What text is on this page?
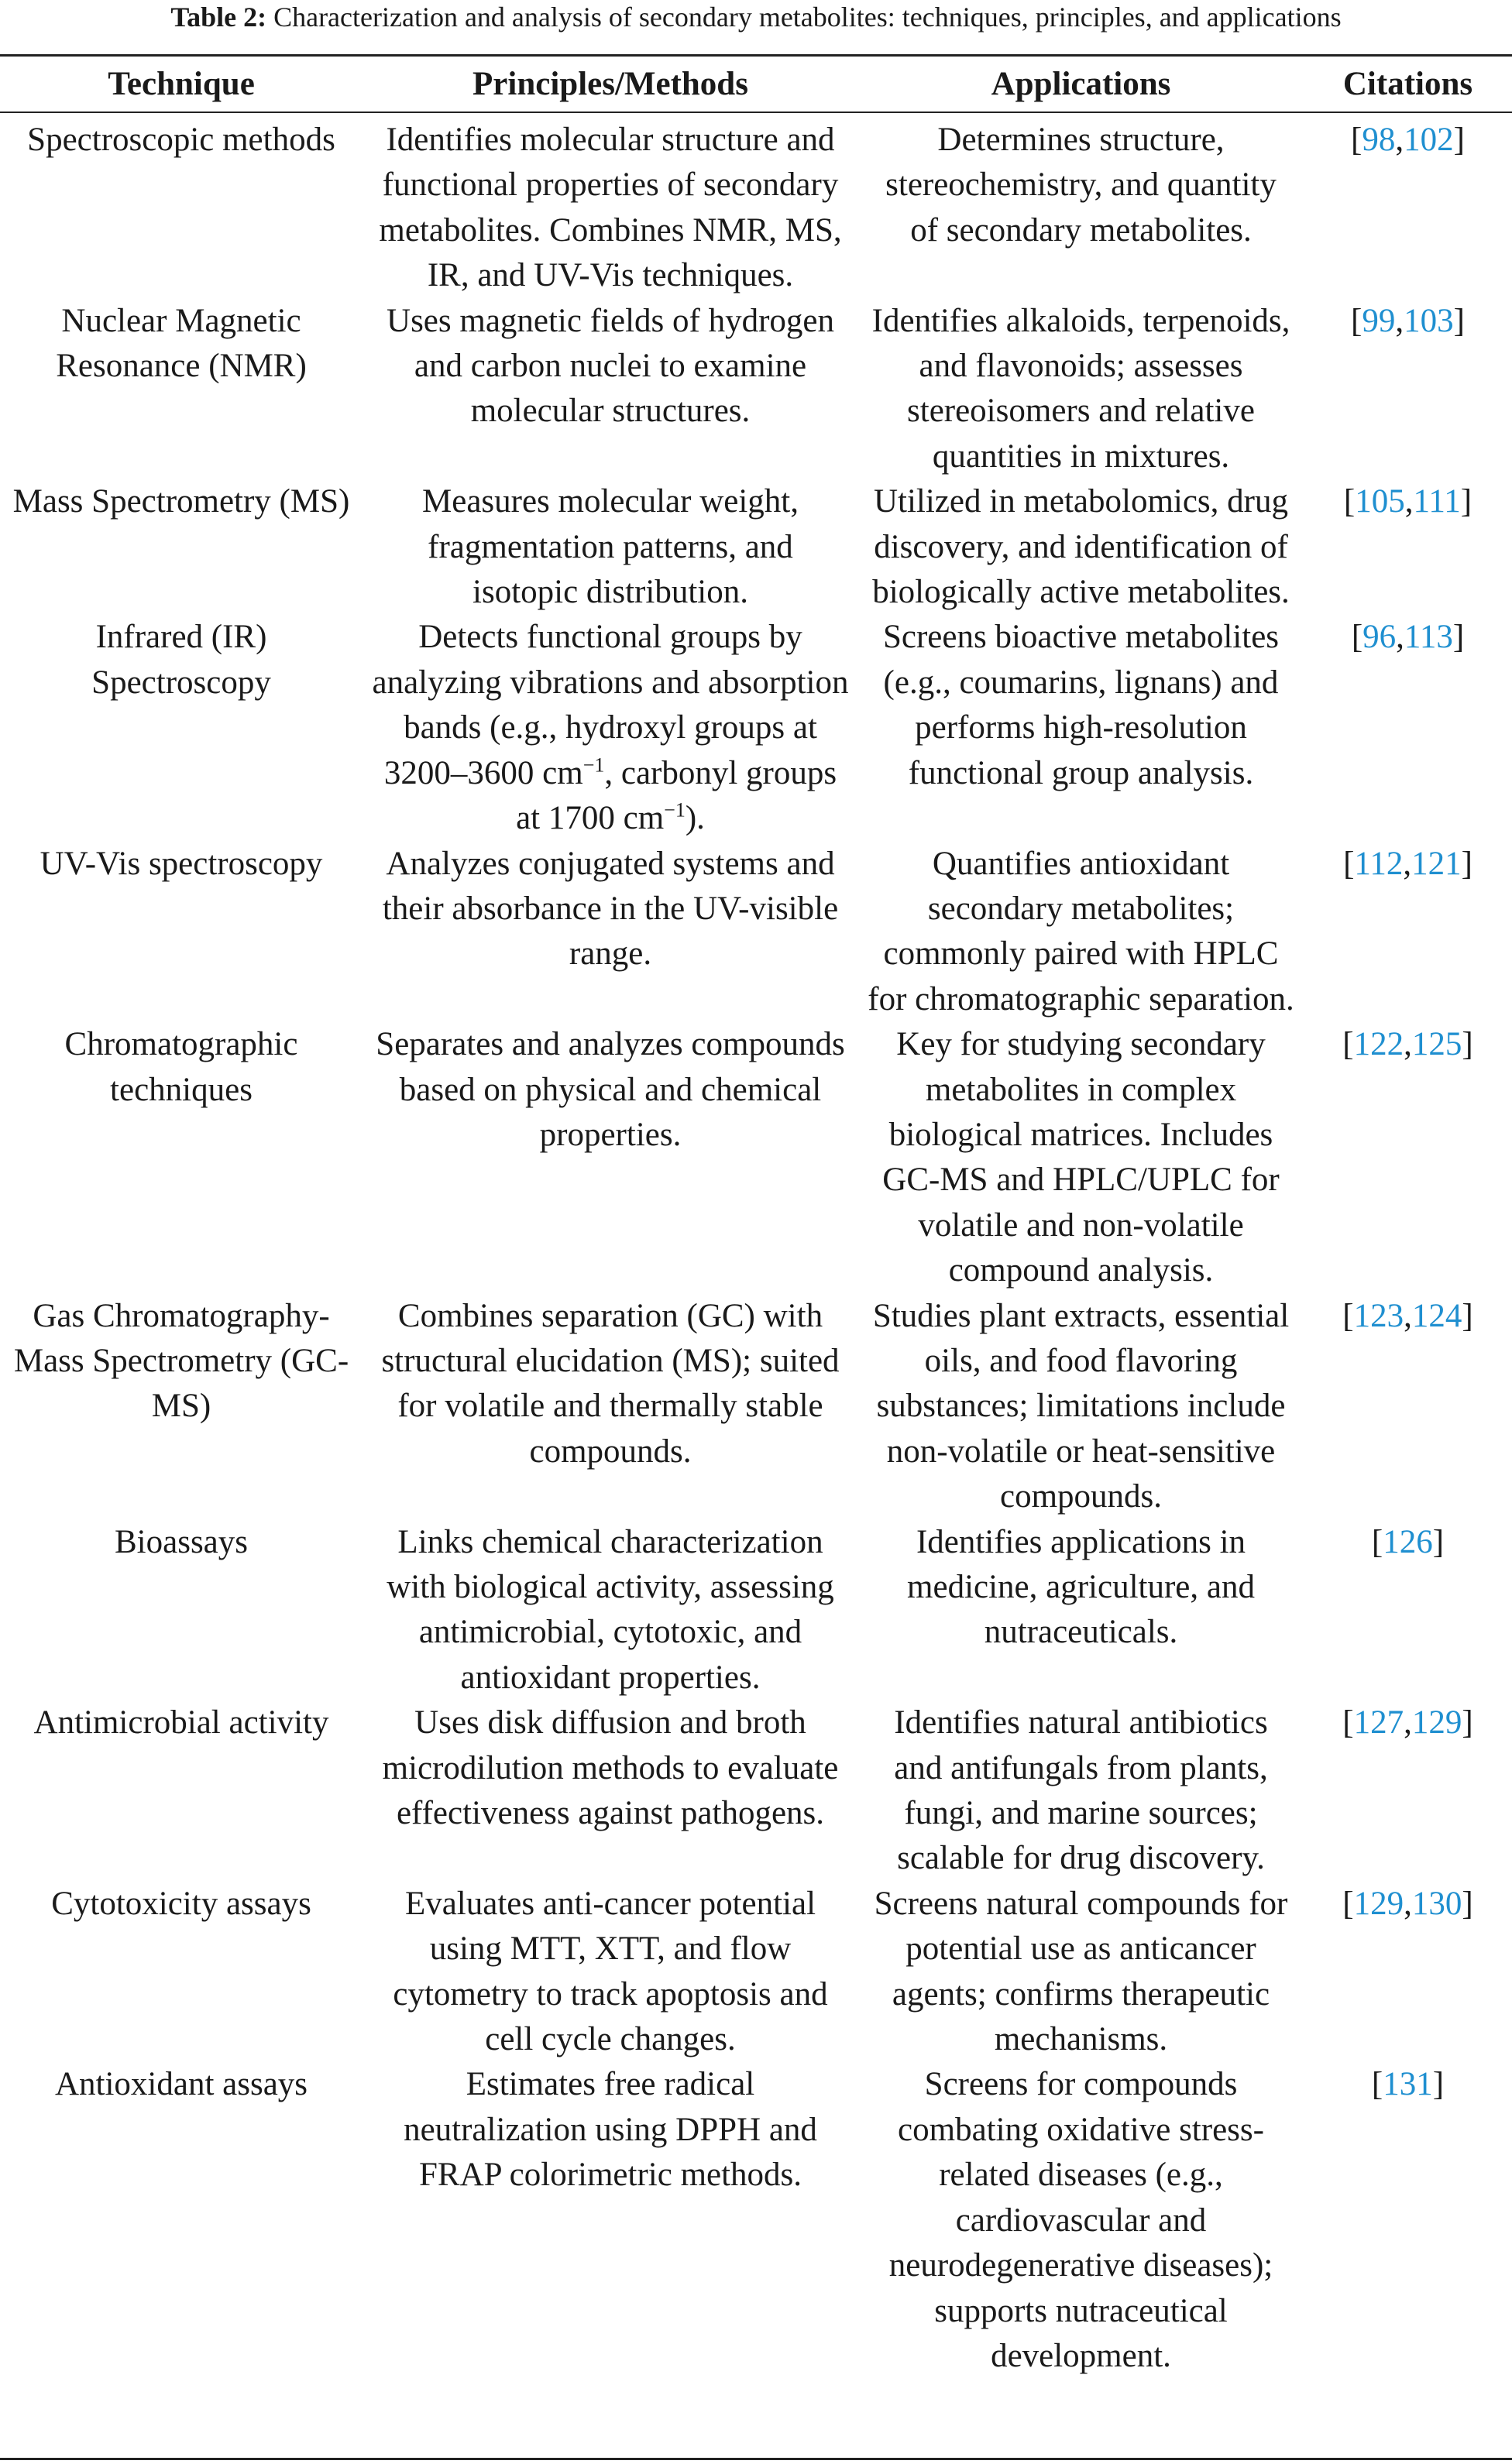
Table 2: Characterization and analysis of secondary metabolites: techniques, principles, and applications
Technique	Principles/Methods	Applications	Citations
Spectroscopic methods	Identifies molecular structure and functional properties of secondary metabolites. Combines NMR, MS, IR, and UV-Vis techniques.	Determines structure, stereochemistry, and quantity of secondary metabolites.	[98,102]
Nuclear Magnetic Resonance (NMR)	Uses magnetic fields of hydrogen and carbon nuclei to examine molecular structures.	Identifies alkaloids, terpenoids, and flavonoids; assesses stereoisomers and relative quantities in mixtures.	[99,103]
Mass Spectrometry (MS)	Measures molecular weight, fragmentation patterns, and isotopic distribution.	Utilized in metabolomics, drug discovery, and identification of biologically active metabolites.	[105,111]
Infrared (IR) Spectroscopy	Detects functional groups by analyzing vibrations and absorption bands (e.g., hydroxyl groups at 3200–3600 $cm^{-1}$, carbonyl groups at 1700 $cm^{-1}$).	Screens bioactive metabolites (e.g., coumarins, lignans) and performs high-resolution functional group analysis.	[96,113]
UV-Vis spectroscopy	Analyzes conjugated systems and their absorbance in the UV-visible range.	Quantifies antioxidant secondary metabolites; commonly paired with HPLC for chromatographic separation.	[112,121]
Chromatographic techniques	Separates and analyzes compounds based on physical and chemical properties.	Key for studying secondary metabolites in complex biological matrices. Includes GC-MS and HPLC/UPLC for volatile and non-volatile compound analysis.	[122,125]
Gas Chromatography-Mass Spectrometry (GC-MS)	Combines separation (GC) with structural elucidation (MS); suited for volatile and thermally stable compounds.	Studies plant extracts, essential oils, and food flavoring substances; limitations include non-volatile or heat-sensitive compounds.	[123,124]
Bioassays	Links chemical characterization with biological activity, assessing antimicrobial, cytotoxic, and antioxidant properties.	Identifies applications in medicine, agriculture, and nutraceuticals.	[126]
Antimicrobial activity	Uses disk diffusion and broth microdilution methods to evaluate effectiveness against pathogens.	Identifies natural antibiotics and antifungals from plants, fungi, and marine sources; scalable for drug discovery.	[127,129]
Cytotoxicity assays	Evaluates anti-cancer potential using MTT, XTT, and flow cytometry to track apoptosis and cell cycle changes.	Screens natural compounds for potential use as anticancer agents; confirms therapeutic mechanisms.	[129,130]
Antioxidant assays	Estimates free radical neutralization using DPPH and FRAP colorimetric methods.	Screens for compounds combating oxidative stress-related diseases (e.g., cardiovascular and neurodegenerative diseases); supports nutraceutical development.	[131]
